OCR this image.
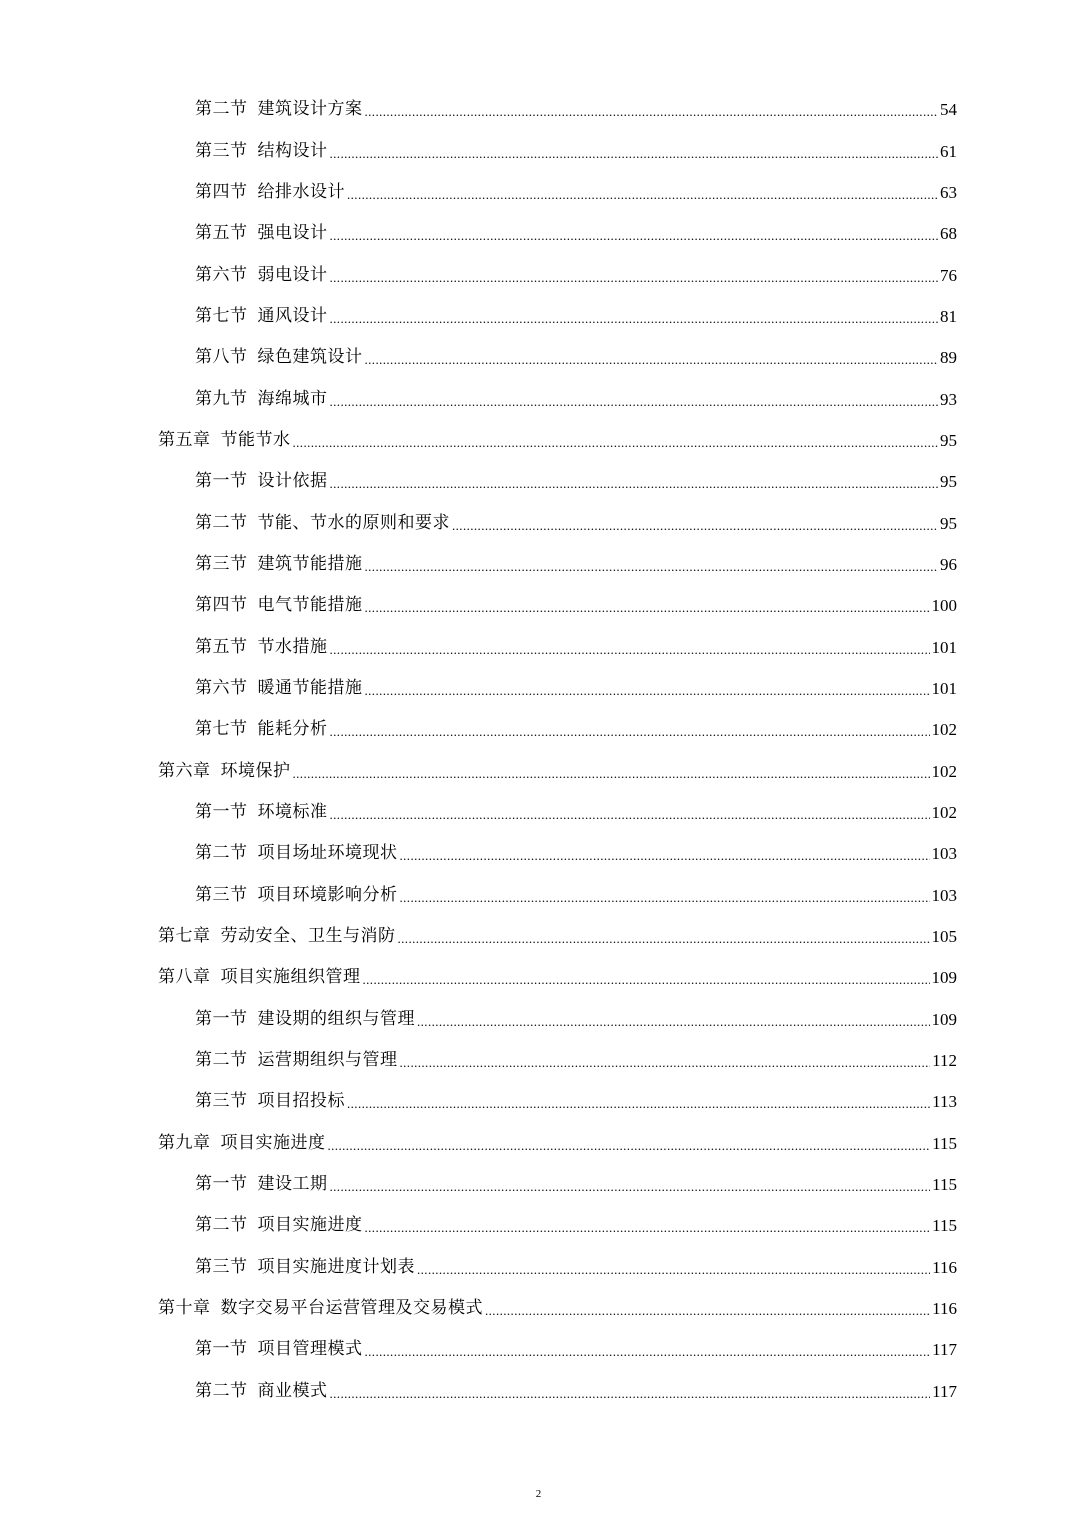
第二节 建筑设计方案 .....	54
第三节 结构设计 .....	61
第四节 给排水设计 .....	63
第五节 强电设计 .....	68
第六节 弱电设计 .....	76
第七节 通风设计 .....	81
第八节 绿色建筑设计 .....	89
第九节 海绵城市 .....	93
第五章 节能节水 .....	95
第一节 设计依据 .....	95
第二节 节能、节水的原则和要求 .....	95
第三节 建筑节能措施 .....	96
第四节 电气节能措施 .....	100
第五节 节水措施 .....	101
第六节 暖通节能措施 .....	101
第七节 能耗分析 .....	102
第六章 环境保护 .....	102
第一节 环境标准 .....	102
第二节 项目场址环境现状 .....	103
第三节 项目环境影响分析 .....	103
第七章 劳动安全、卫生与消防 .....	105
第八章 项目实施组织管理 .....	109
第一节 建设期的组织与管理 .....	109
第二节 运营期组织与管理 .....	112
第三节 项目招投标 .....	113
第九章 项目实施进度 .....	115
第一节 建设工期 .....	115
第二节 项目实施进度 .....	115
第三节 项目实施进度计划表 .....	116
第十章 数字交易平台运营管理及交易模式 .....	116
第一节 项目管理模式 .....	117
第二节 商业模式 .....	117
2
